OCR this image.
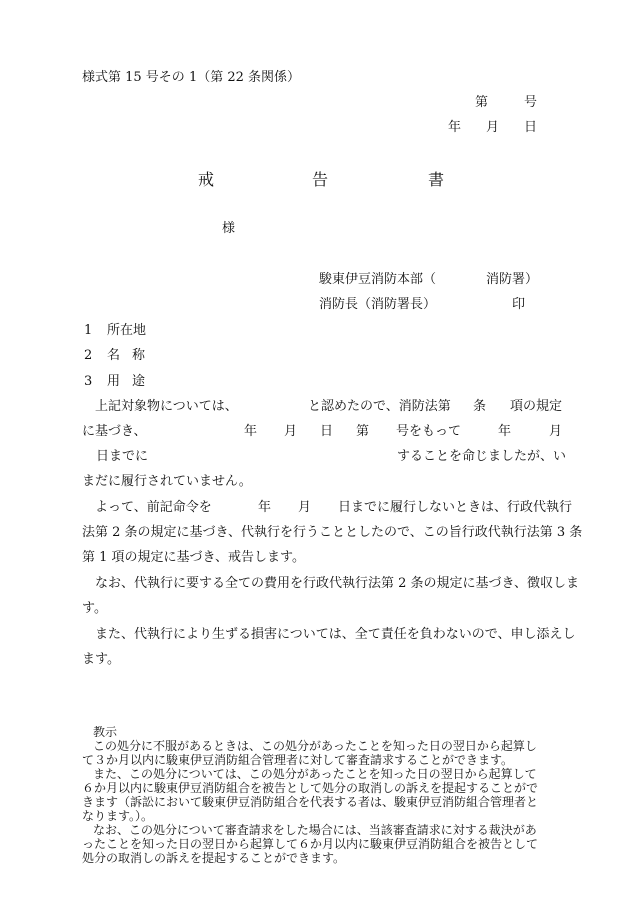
様式第 15 号その 1（第 22 条関係）
第	号
年 月 日
戒	告	書
様
駿東伊豆消防本部（	消防署）
消防長（消防署長）	印
1 所在地
2 名 称
3 用 途
上記対象物については、	と認めたので、消防法第 条 項の規定
に基づき、	年 月 日 第 号をもって	年	月
日までに	することを命じましたが、い
まだに履行されていません。
よって、前記命令を	年 月 日までに履行しないときは、行政代執行
法第 2 条の規定に基づき、代執行を行うこととしたので、この旨行政代執行法第 3 条
第 1 項の規定に基づき、戒告します。
なお、代執行に要する全ての費用を行政代執行法第 2 条の規定に基づき、徴収しま
す。
また、代執行により生ずる損害については、全て責任を負わないので、申し添えし
ます。
教示
この処分に不服があるときは、この処分があったことを知った日の翌日から起算し
て３か月以内に駿東伊豆消防組合管理者に対して審査請求することができます。
また、この処分については、この処分があったことを知った日の翌日から起算して
６か月以内に駿東伊豆消防組合を被告として処分の取消しの訴えを提起することがで
きます（訴訟において駿東伊豆消防組合を代表する者は、駿東伊豆消防組合管理者と
なります。）。
なお、この処分について審査請求をした場合には、当該審査請求に対する裁決があ
ったことを知った日の翌日から起算して６か月以内に駿東伊豆消防組合を被告として
処分の取消しの訴えを提起することができます。
